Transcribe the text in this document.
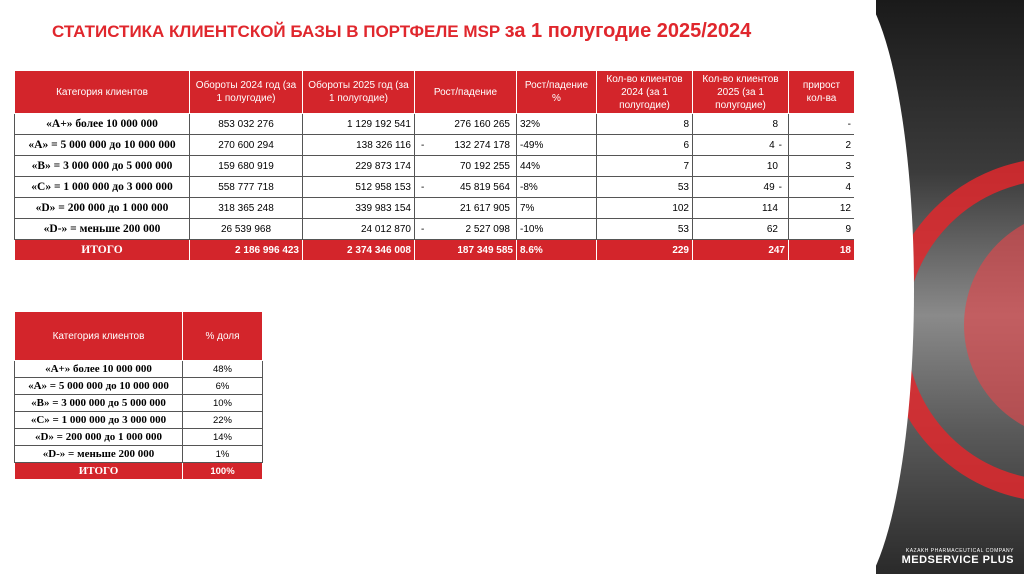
СТАТИСТИКА КЛИЕНТСКОЙ БАЗЫ В ПОРТФЕЛЕ MSP за 1 полугодие 2025/2024
Категория клиентов	Обороты 2024 год (за 1 полугодие)	Обороты 2025 год (за 1 полугодие)	Рост/падение	Рост/падение %	Кол-во клиентов 2024 (за 1 полугодие)	Кол-во клиентов 2025 (за 1 полугодие)	прирост кол-ва
«A+» более 10 000 000	853 032 276	1 129 192 541	276 160 265	32%	8	8	-
«A» = 5 000 000 до 10 000 000	270 600 294	138 326 116	- 132 274 178	-49%	6	4 -	2
«B» = 3 000 000 до 5 000 000	159 680 919	229 873 174	70 192 255	44%	7	10	3
«C» = 1 000 000 до 3 000 000	558 777 718	512 958 153	- 45 819 564	-8%	53	49 -	4
«D» = 200 000 до 1 000 000	318 365 248	339 983 154	21 617 905	7%	102	114	12
«D-» = меньше 200 000	26 539 968	24 012 870	- 2 527 098	-10%	53	62	9
ИТОГО	2 186 996 423	2 374 346 008	187 349 585	8.6%	229	247	18
Категория клиентов	% доля
«A+» более 10 000 000	48%
«A» = 5 000 000 до 10 000 000	6%
«B» = 3 000 000 до 5 000 000	10%
«C» = 1 000 000 до 3 000 000	22%
«D» = 200 000 до 1 000 000	14%
«D-» = меньше 200 000	1%
ИТОГО	100%
KAZAKH PHARMACEUTICAL COMPANY
MEDSERVICE PLUS
